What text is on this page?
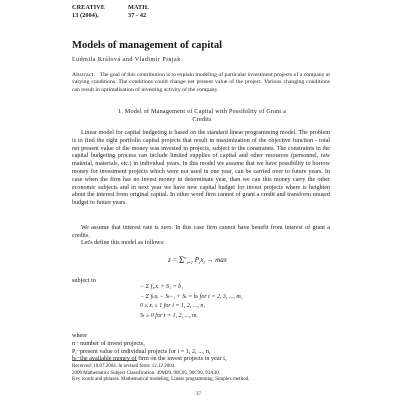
CREATIVE
13 (2004),
MATH.
37 - 42
Models of management of capital
Ľudmila Králová and Vladimír Pinjak
Abstract. The goal of this contribution is to explain modeling of particular investment projects of a company at varying conditions. The conditions could change net present value of the project. Various changing conditions can result in optimalisation of investing activity of the company
1. Model of Management of Capital with Possibility of Grant a
Credits
Linear model for capital budgeting is based on the standard linear programming model. The problem is to find the right portfolio capital projects that result in maximization of the objective function - total net present value of the money was invested in projects, subject to the constraints. The constraints in the capital budgeting process can include limited supplies of capital and other resources (personnel, raw material, materials, etc.) in individual years. In this model we assume that we have possibility to borrow money for investment projects which were not used in one year, can be carried over to future years. In case when the firm has no invest money in determinate year, than we can this money carry the other economic subjects and in next year we have new capital budget for invest projects where is heighten about the interest from original capital. In other word firm cannot of grant a credit and transform unused budget to future years.
We assume that interest rate is zero. In this case firm cannot have benefit from interest of grant a credits.
Let's define this model as follows:
$z = \Sigma^n_{i=1}$ $P_ix_i \to \max$
subject to
− Σ f₁ᵢxᵢ + S₁ = b₁
− Σ fₜᵢxᵢ − Sₜ₋₁ + Sₜ = bₜ for t = 2, 3, ..., m,
0 ≤ xᵢ ≤ 1 for i = 1, 2, ..., n,
Sₜ ≥ 0 for t = 1, 2, ..., m.
where
n− number of invest projects,
Pᵢ−present value of individual projects for i = 1, 2, ..., n,
bₜ−the available money of firm on the invest projects in year t,
Received: 10.07.2004. In revised form: 12.12.2004.
2000 Mathematics Subject Classification. 49M29, 90C05, 90C90, 93A30.
Key words and phrases. Mathematical modeling, Linear programming, Simplex method.
37
